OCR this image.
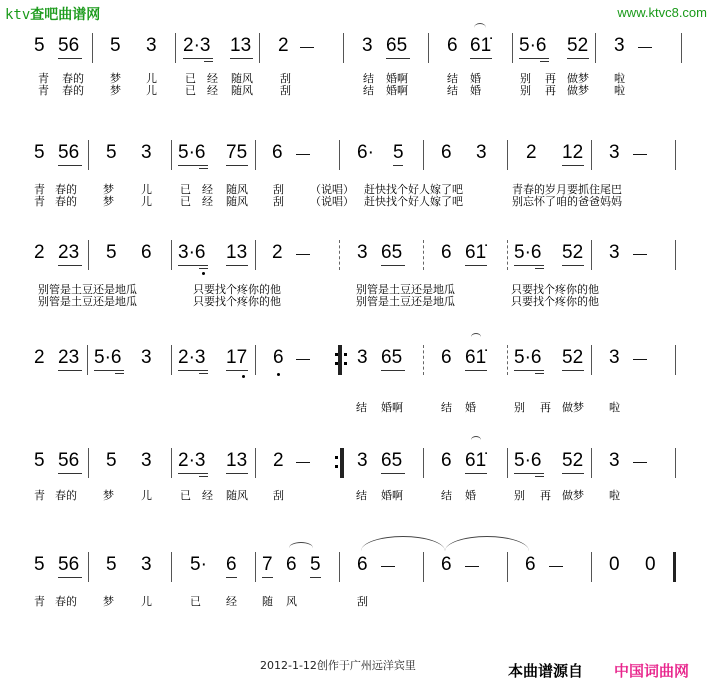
ktv查吧曲谱网	www.ktvc8.com
5 56 5 3 2·3 13 2 —	3 65 6 61̇ 5·6 52 3 —
青 春的 梦 儿	已 经 随风 刮	结 婚啊	结 婚	别 再 做梦 啦
青 春的 梦 儿	已 经 随风 刮	结 婚啊	结 婚	别 再 做梦 啦
5 56 5 3 5·6 75 6 — 6· 5 6 3 2 12 3 —
青 春的 梦 儿	已 经 随风 刮 （说唱） 赶快找个好人嫁了吧	青春的岁月要抓住尾巴
青 春的 梦 儿	已 经 随风 刮 （说唱） 赶快找个好人嫁了吧	别忘怀了咱的爸爸妈妈
2 23 5 6 3·6 13 2 — 3 65 6 61̇ 5·6 52 3 —
别管是土豆还是地瓜	只要找个疼你的他	别管是土豆还是地瓜	只要找个疼你的他
别管是土豆还是地瓜	只要找个疼你的他	别管是土豆还是地瓜	只要找个疼你的他
2 23 5·6 3 2·3 17 6 — 3 65 6 61̇ 5·6 52 3 —
结 婚啊	结 婚	别 再 做梦 啦
5 56 5 3 2·3 13 2 — 3 65 6 61̇ 5·6 52 3 —
青 春的 梦 儿	已 经 随风 刮	结 婚啊	结 婚	别 再 做梦 啦
5 56 5 3 5· 6 7 6 5 6 — 6 — 6 — 0 0
青 春的 梦 儿	已 经 随 风	刮
2012-1-12创作于广州远洋宾里	本曲谱源自 中国词曲网
